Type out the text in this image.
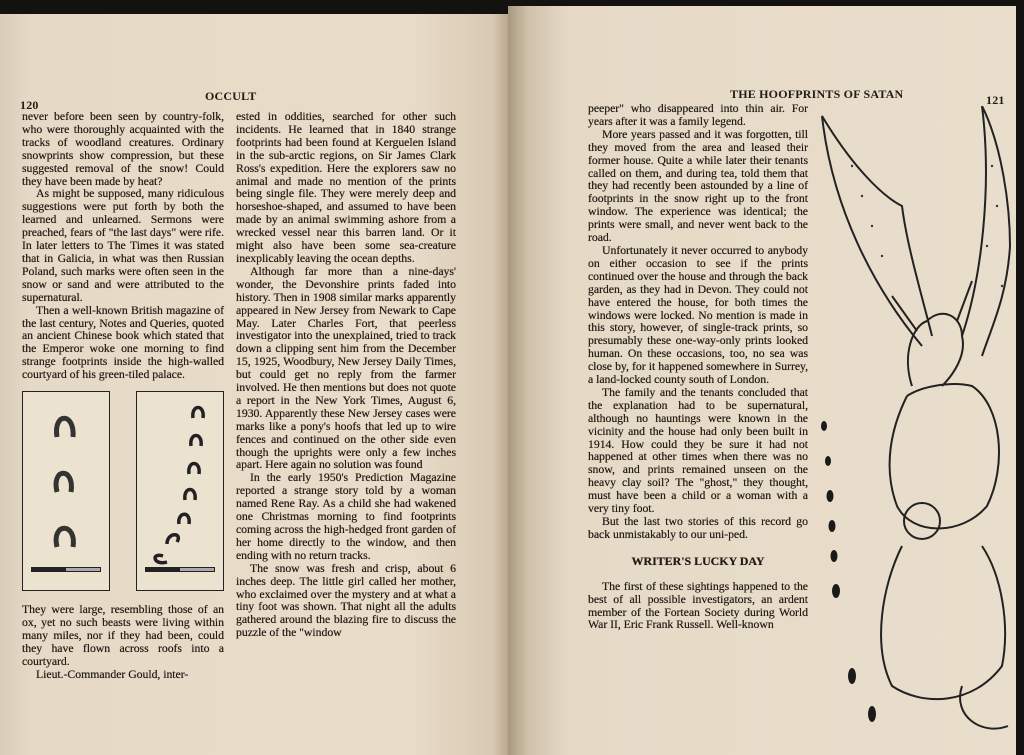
120
OCCULT

never before been seen by country-folk, who were thoroughly acquainted with the tracks of woodland creatures. Ordinary snowprints show compression, but these suggested removal of the snow! Could they have been made by heat?

As might be supposed, many ridiculous suggestions were put forth by both the learned and unlearned. Sermons were preached, fears of "the last days" were rife. In later letters to The Times it was stated that in Galicia, in what was then Russian Poland, such marks were often seen in the snow or sand and were attributed to the supernatural.

Then a well-known British magazine of the last century, Notes and Queries, quoted an ancient Chinese book which stated that the Emperor woke one morning to find strange footprints inside the high-walled courtyard of his green-tiled palace.

They were large, resembling those of an ox, yet no such beasts were living within many miles, nor if they had been, could they have flown across roofs into a courtyard.

Lieut.-Commander Gould, inter-

ested in oddities, searched for other such incidents. He learned that in 1840 strange footprints had been found at Kerguelen Island in the sub-arctic regions, on Sir James Clark Ross's expedition. Here the explorers saw no animal and made no mention of the prints being single file. They were merely deep and horseshoe-shaped, and assumed to have been made by an animal swimming ashore from a wrecked vessel near this barren land. Or it might also have been some sea-creature inexplicably leaving the ocean depths.

Although far more than a nine-days' wonder, the Devonshire prints faded into history. Then in 1908 similar marks apparently appeared in New Jersey from Newark to Cape May. Later Charles Fort, that peerless investigator into the unexplained, tried to track down a clipping sent him from the December 15, 1925, Woodbury, New Jersey Daily Times, but could get no reply from the farmer involved. He then mentions but does not quote a report in the New York Times, August 6, 1930. Apparently these New Jersey cases were marks like a pony's hoofs that led up to wire fences and continued on the other side even though the uprights were only a few inches apart. Here again no solution was found

In the early 1950's Prediction Magazine reported a strange story told by a woman named Rene Ray. As a child she had wakened one Christmas morning to find footprints coming across the high-hedged front garden of her home directly to the window, and then ending with no return tracks.

The snow was fresh and crisp, about 6 inches deep. The little girl called her mother, who exclaimed over the mystery and at what a tiny foot was shown. That night all the adults gathered around the blazing fire to discuss the puzzle of the "window

THE HOOFPRINTS OF SATAN	121

peeper" who disappeared into thin air. For years after it was a family legend.

More years passed and it was forgotten, till they moved from the area and leased their former house. Quite a while later their tenants called on them, and during tea, told them that they had recently been astounded by a line of footprints in the snow right up to the front window. The experience was identical; the prints were small, and never went back to the road.

Unfortunately it never occurred to anybody on either occasion to see if the prints continued over the house and through the back garden, as they had in Devon. They could not have entered the house, for both times the windows were locked. No mention is made in this story, however, of single-track prints, so presumably these one-way-only prints looked human. On these occasions, too, no sea was close by, for it happened somewhere in Surrey, a land-locked county south of London.

The family and the tenants concluded that the explanation had to be supernatural, although no hauntings were known in the vicinity and the house had only been built in 1914. How could they be sure it had not happened at other times when there was no snow, and prints remained unseen on the heavy clay soil? The "ghost," they thought, must have been a child or a woman with a very tiny foot.

But the last two stories of this record go back unmistakably to our uni-ped.

WRITER'S LUCKY DAY

The first of these sightings happened to the best of all possible investigators, an ardent member of the Fortean Society during World War II, Eric Frank Russell. Well-known
